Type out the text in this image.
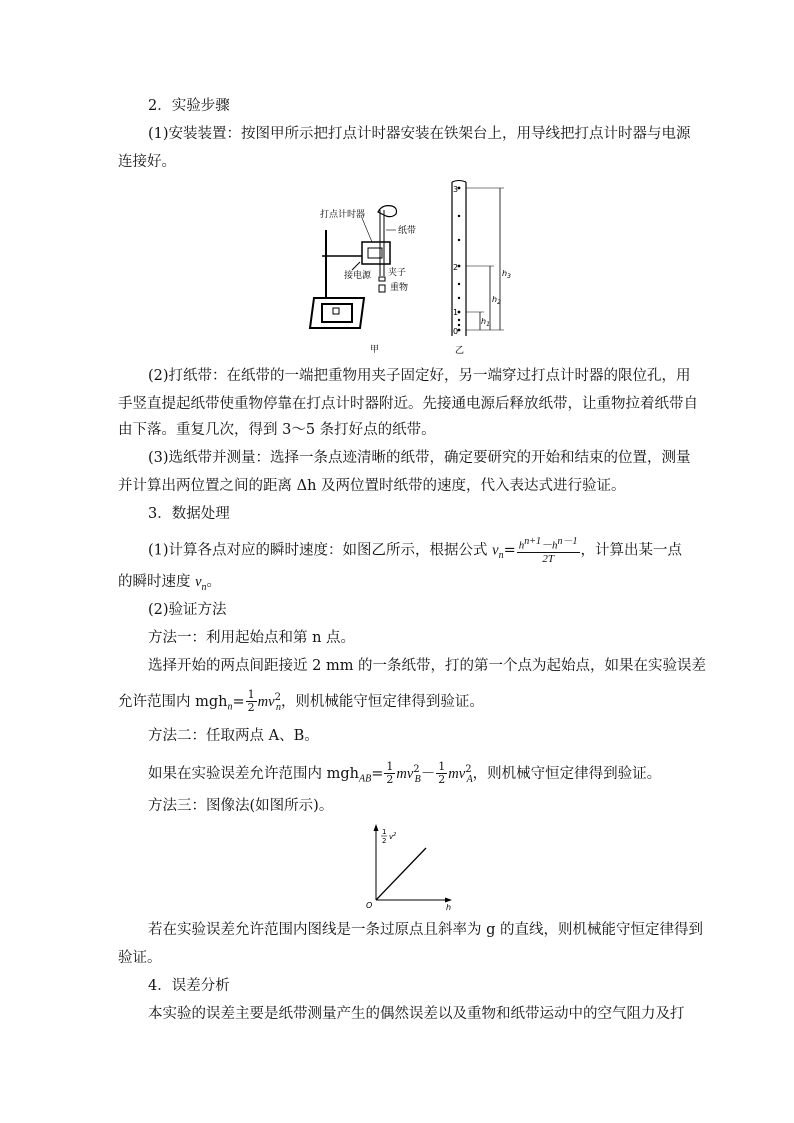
2．实验步骤
(1)安装装置：按图甲所示把打点计时器安装在铁架台上，用导线把打点计时器与电源
连接好。
打点计时器
纸带
接电源 夹子
重物
甲
3
2
1
0
$h_3$
$h_2$
$h_1$
乙
(2)打纸带：在纸带的一端把重物用夹子固定好，另一端穿过打点计时器的限位孔，用
手竖直提起纸带使重物停靠在打点计时器附近。先接通电源后释放纸带，让重物拉着纸带自
由下落。重复几次，得到 3～5 条打好点的纸带。
(3)选纸带并测量：选择一条点迹清晰的纸带，确定要研究的开始和结束的位置，测量
并计算出两位置之间的距离 Δh 及两位置时纸带的速度，代入表达式进行验证。
3．数据处理
(1)计算各点对应的瞬时速度：如图乙所示，根据公式 $v_n= \frac{h^{n+1}-h^{n-1}}{2T}$ ，计算出某一点
的瞬时速度 $v_n$。
(2)验证方法
方法一：利用起始点和第 n 点。
选择开始的两点间距接近 2 mm 的一条纸带，打的第一个点为起始点，如果在实验误差
允许范围内 $mgh_n= \frac{1}{2} mv^2_n$，则机械能守恒定律得到验证。
方法二：任取两点 A、B。
如果在实验误差允许范围内 $mgh_{AB}= \frac{1}{2} mv^2_B- \frac{1}{2} mv^2_A$，则机械守恒定律得到验证。
方法三：图像法(如图所示)。
1
2 $v^2$
O	h
若在实验误差允许范围内图线是一条过原点且斜率为 g 的直线，则机械能守恒定律得到
验证。
4．误差分析
本实验的误差主要是纸带测量产生的偶然误差以及重物和纸带运动中的空气阻力及打
